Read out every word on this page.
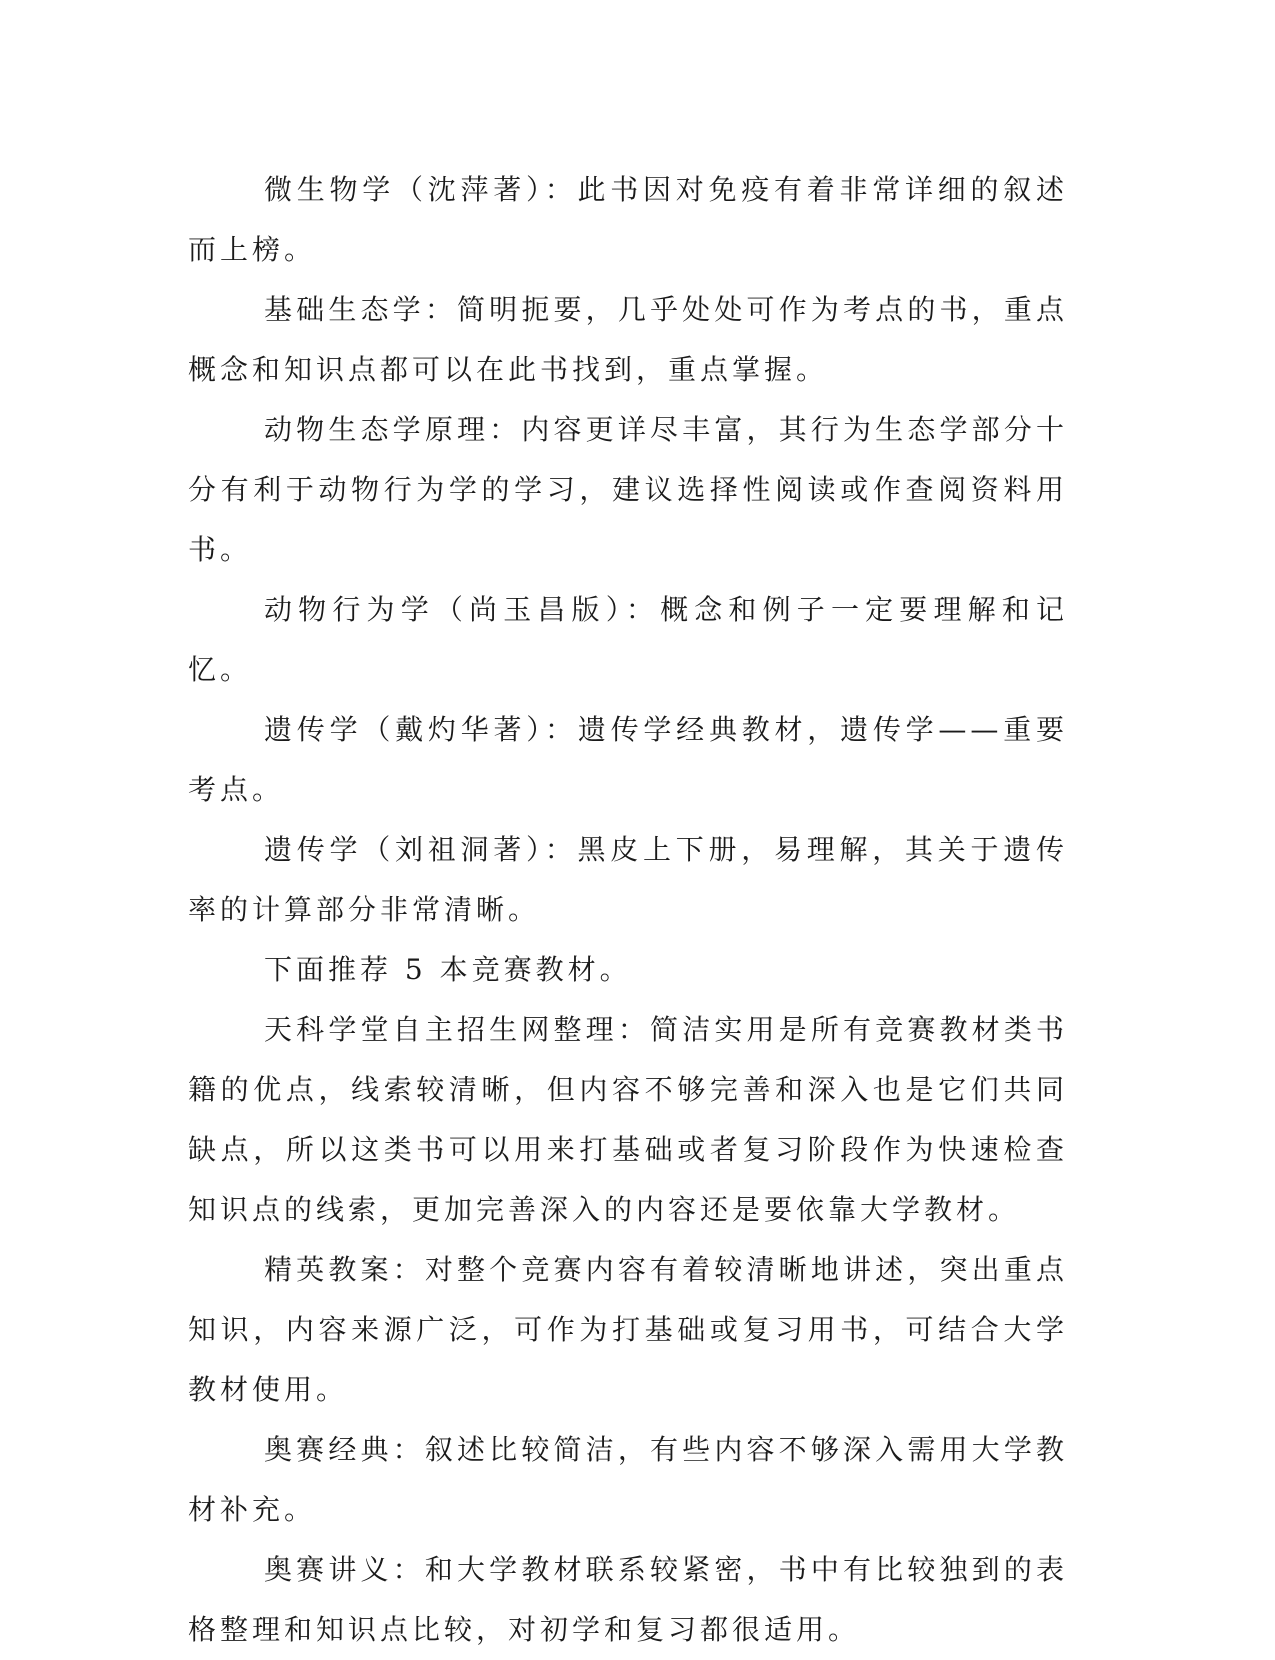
微生物学（沈萍著）：此书因对免疫有着非常详细的叙述而上榜。

基础生态学：简明扼要，几乎处处可作为考点的书，重点概念和知识点都可以在此书找到，重点掌握。

动物生态学原理：内容更详尽丰富，其行为生态学部分十分有利于动物行为学的学习，建议选择性阅读或作查阅资料用书。

动物行为学（尚玉昌版）：概念和例子一定要理解和记忆。

遗传学（戴灼华著）：遗传学经典教材，遗传学——重要考点。

遗传学（刘祖洞著）：黑皮上下册，易理解，其关于遗传率的计算部分非常清晰。

下面推荐 5 本竞赛教材。

天科学堂自主招生网整理：简洁实用是所有竞赛教材类书籍的优点，线索较清晰，但内容不够完善和深入也是它们共同缺点，所以这类书可以用来打基础或者复习阶段作为快速检查知识点的线索，更加完善深入的内容还是要依靠大学教材。

精英教案：对整个竞赛内容有着较清晰地讲述，突出重点知识，内容来源广泛，可作为打基础或复习用书，可结合大学教材使用。

奥赛经典：叙述比较简洁，有些内容不够深入需用大学教材补充。

奥赛讲义：和大学教材联系较紧密，书中有比较独到的表格整理和知识点比较，对初学和复习都很适用。
